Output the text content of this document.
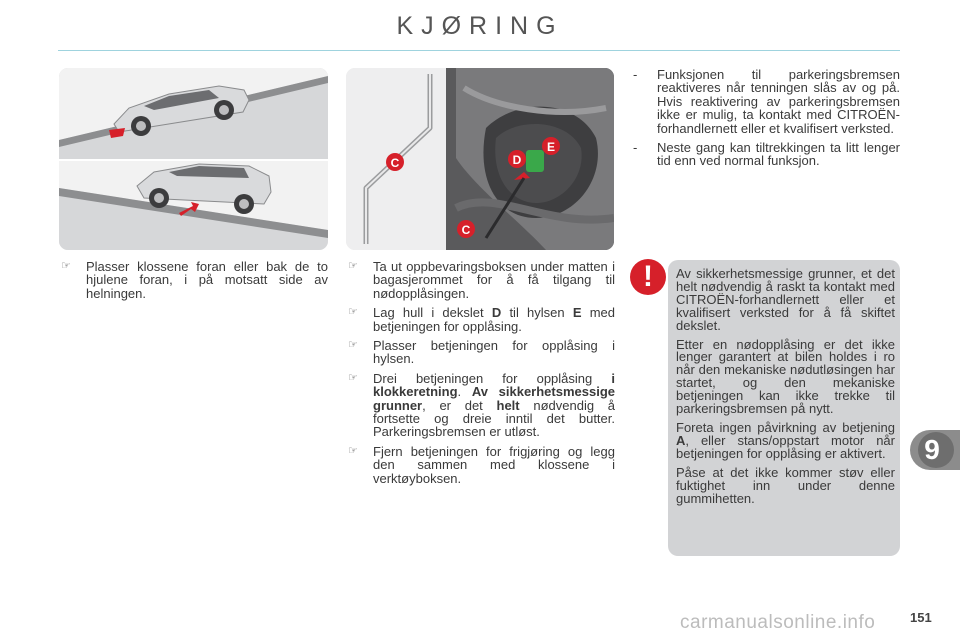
KJØRING
C	D
E
C
☞ Plasser klossene foran eller bak de to hjulene foran, i på motsatt side av helningen.
☞ Ta ut oppbevaringsboksen under matten i bagasjerommet for å få tilgang til nødopplåsingen.
☞ Lag hull i dekslet D til hylsen E med betjeningen for opplåsing.
☞ Plasser betjeningen for opplåsing i hylsen.
☞ Drei betjeningen for opplåsing i klokkeretning. Av sikkerhetsmessige grunner, er det helt nødvendig å fortsette og dreie inntil det butter. Parkeringsbremsen er utløst.
☞ Fjern betjeningen for frigjøring og legg den sammen med klossene i verktøyboksen.
- Funksjonen til parkeringsbremsen reaktiveres når tenningen slås av og på. Hvis reaktivering av parkeringsbremsen ikke er mulig, ta kontakt med CITROËN-forhandlernett eller et kvalifisert verksted.
- Neste gang kan tiltrekkingen ta litt lenger tid enn ved normal funksjon.
!	Av sikkerhetsmessige grunner, et det helt nødvendig å raskt ta kontakt med CITROËN-forhandlernett eller et kvalifisert verksted for å få skiftet dekslet.

Etter en nødopplåsing er det ikke lenger garantert at bilen holdes i ro når den mekaniske nødutløsingen har startet, og den mekaniske betjeningen kan ikke trekke til parkeringsbremsen på nytt.

Foreta ingen påvirkning av betjening A, eller stans/oppstart motor når betjeningen for opplåsing er aktivert.

Påse at det ikke kommer støv eller fuktighet inn under denne gummihetten.

9
carmanualsonline.info	151
